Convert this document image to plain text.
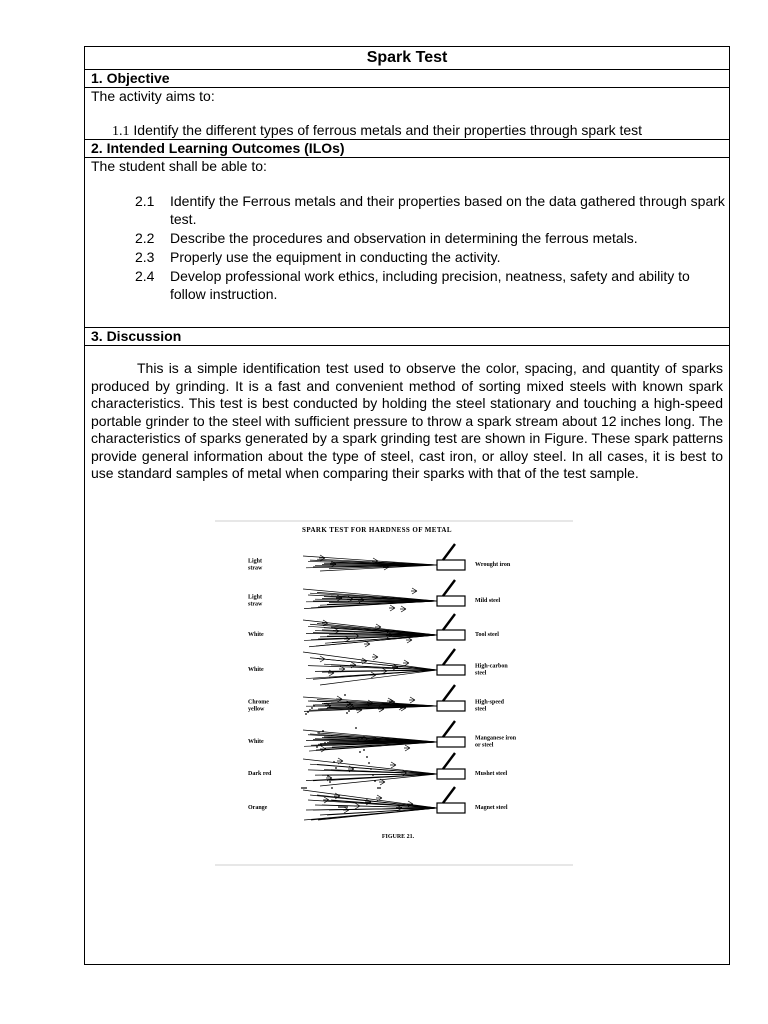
Spark Test
1. Objective
The activity aims to:
1.1 Identify the different types of ferrous metals and their properties through spark test
2. Intended Learning Outcomes (ILOs)
The student shall be able to:
2.1	Identify the Ferrous metals and their properties based on the data gathered through spark test.
2.2	Describe the procedures and observation in determining the ferrous metals.
2.3	Properly use the equipment in conducting the activity.
2.4	Develop professional work ethics, including precision, neatness, safety and ability to follow instruction.
3. Discussion
This is a simple identification test used to observe the color, spacing, and quantity of sparks produced by grinding. It is a fast and convenient method of sorting mixed steels with known spark characteristics. This test is best conducted by holding the steel stationary and touching a high-speed portable grinder to the steel with sufficient pressure to throw a spark stream about 12 inches long. The characteristics of sparks generated by a spark grinding test are shown in Figure. These spark patterns provide general information about the type of steel, cast iron, or alloy steel. In all cases, it is best to use standard samples of metal when comparing their sparks with that of the test sample.
SPARK TEST FOR HARDNESS OF METAL
Light straw
Wrought iron
Light straw
Mild steel
White	Tool steel
White
High-carbon steel
Chrome yellow
High-speed steel
White
Manganese iron or steel
Dark red	Mushet steel
Orange	Magnet steel
FIGURE 21.
